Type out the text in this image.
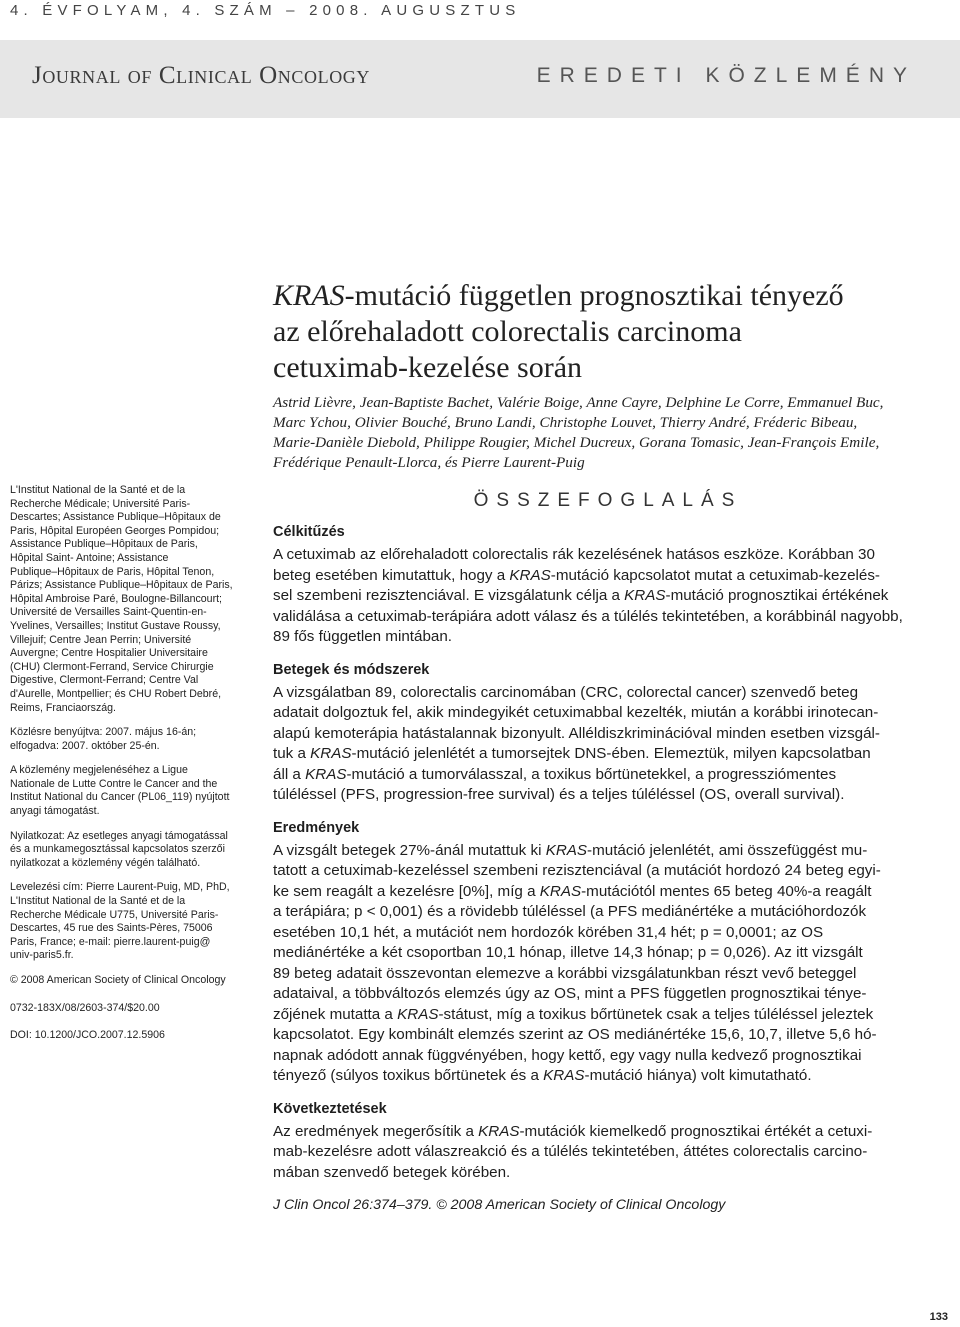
4. ÉVFOLYAM, 4. SZÁM – 2008. AUGUSZTUS
Journal of Clinical Oncology	EREDETI KÖZLEMÉNY
KRAS-mutáció független prognosztikai tényező
az előrehaladott colorectalis carcinoma
cetuximab-kezelése során
Astrid Lièvre, Jean-Baptiste Bachet, Valérie Boige, Anne Cayre, Delphine Le Corre, Emmanuel Buc,
Marc Ychou, Olivier Bouché, Bruno Landi, Christophe Louvet, Thierry André, Fréderic Bibeau,
Marie-Danièle Diebold, Philippe Rougier, Michel Ducreux, Gorana Tomasic, Jean-François Emile,
Frédérique Penault-Llorca, és Pierre Laurent-Puig
L'Institut National de la Santé et de la
Recherche Médicale; Université Paris-
Descartes; Assistance Publique–Hôpitaux de
Paris, Hôpital Européen Georges Pompidou;
Assistance Publique–Hôpitaux de Paris,
Hôpital Saint- Antoine; Assistance
Publique–Hôpitaux de Paris, Hôpital Tenon,
Párizs; Assistance Publique–Hôpitaux de Paris,
Hôpital Ambroise Paré, Boulogne-Billancourt;
Université de Versailles Saint-Quentin-en-
Yvelines, Versailles; Institut Gustave Roussy,
Villejuif; Centre Jean Perrin; Université
Auvergne; Centre Hospitalier Universitaire
(CHU) Clermont-Ferrand, Service Chirurgie
Digestive, Clermont-Ferrand; Centre Val
d'Aurelle, Montpellier; és CHU Robert Debré,
Reims, Franciaország.
Közlésre benyújtva: 2007. május 16-án;
elfogadva: 2007. október 25-én.
A közlemény megjelenéséhez a Ligue
Nationale de Lutte Contre le Cancer and the
Institut National du Cancer (PL06_119) nyújtott
anyagi támogatást.
Nyilatkozat: Az esetleges anyagi támogatással
és a munkamegosztással kapcsolatos szerzői
nyilatkozat a közlemény végén található.
Levelezési cím: Pierre Laurent-Puig, MD, PhD,
L'Institut National de la Santé et de la
Recherche Médicale U775, Université Paris-
Descartes, 45 rue des Saints-Pères, 75006
Paris, France; e-mail: pierre.laurent-puig@
univ-paris5.fr.
© 2008 American Society of Clinical Oncology
0732-183X/08/2603-374/$20.00
DOI: 10.1200/JCO.2007.12.5906
ÖSSZEFOGLALÁS
Célkitűzés
A cetuximab az előrehaladott colorectalis rák kezelésének hatásos eszköze. Korábban 30
beteg esetében kimutattuk, hogy a KRAS-mutáció kapcsolatot mutat a cetuximab-kezelés-
sel szembeni rezisztenciával. E vizsgálatunk célja a KRAS-mutáció prognosztikai értékének
validálása a cetuximab-terápiára adott válasz és a túlélés tekintetében, a korábbinál nagyobb,
89 fős független mintában.
Betegek és módszerek
A vizsgálatban 89, colorectalis carcinomában (CRC, colorectal cancer) szenvedő beteg
adatait dolgoztuk fel, akik mindegyikét cetuximabbal kezelték, miután a korábbi irinotecan-
alapú kemoterápia hatástalannak bizonyult. Alléldiszkriminációval minden esetben vizsgál-
tuk a KRAS-mutáció jelenlétét a tumorsejtek DNS-ében. Elemeztük, milyen kapcsolatban
áll a KRAS-mutáció a tumorválasszal, a toxikus bőrtünetekkel, a progressziómentes
túléléssel (PFS, progression-free survival) és a teljes túléléssel (OS, overall survival).
Eredmények
A vizsgált betegek 27%-ánál mutattuk ki KRAS-mutáció jelenlétét, ami összefüggést mu-
tatott a cetuximab-kezeléssel szembeni rezisztenciával (a mutációt hordozó 24 beteg egyi-
ke sem reagált a kezelésre [0%], míg a KRAS-mutációtól mentes 65 beteg 40%-a reagált
a terápiára; p < 0,001) és a rövidebb túléléssel (a PFS mediánértéke a mutációhordozók
esetében 10,1 hét, a mutációt nem hordozók körében 31,4 hét; p = 0,0001; az OS
mediánértéke a két csoportban 10,1 hónap, illetve 14,3 hónap; p = 0,026). Az itt vizsgált
89 beteg adatait összevontan elemezve a korábbi vizsgálatunkban részt vevő beteggel
adataival, a többváltozós elemzés úgy az OS, mint a PFS független prognosztikai ténye-
zőjének mutatta a KRAS-státust, míg a toxikus bőrtünetek csak a teljes túléléssel jeleztek
kapcsolatot. Egy kombinált elemzés szerint az OS mediánértéke 15,6, 10,7, illetve 5,6 hó-
napnak adódott annak függvényében, hogy kettő, egy vagy nulla kedvező prognosztikai
tényező (súlyos toxikus bőrtünetek és a KRAS-mutáció hiánya) volt kimutatható.
Következtetések
Az eredmények megerősítik a KRAS-mutációk kiemelkedő prognosztikai értékét a cetuxi-
mab-kezelésre adott válaszreakció és a túlélés tekintetében, áttétes colorectalis carcino-
mában szenvedő betegek körében.
J Clin Oncol 26:374–379. © 2008 American Society of Clinical Oncology
133
